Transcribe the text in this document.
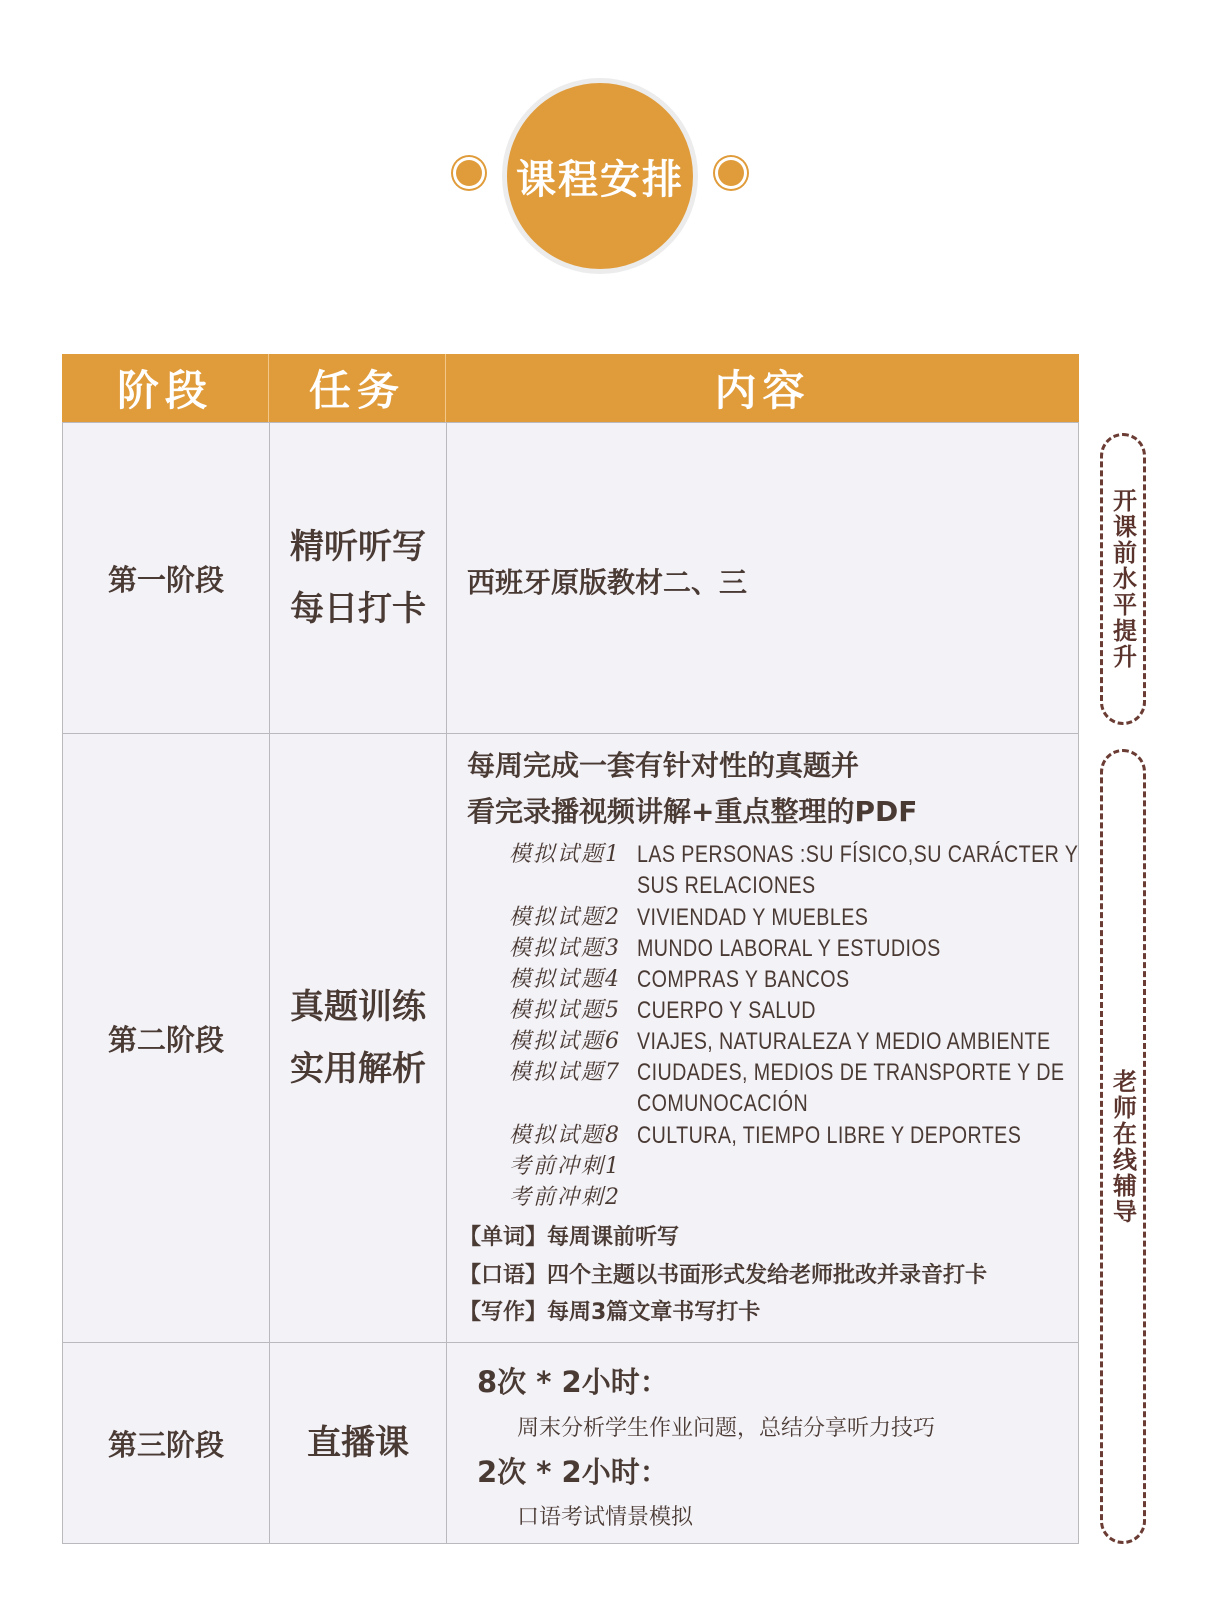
课程安排
阶段	任务	内容
第一阶段
精听听写
每日打卡
西班牙原版教材二、三
第二阶段
真题训练
实用解析
每周完成一套有针对性的真题并
看完录播视频讲解+重点整理的PDF
模拟试题1 LAS PERSONAS :SU FÍSICO,SU CARÁCTER Y
SUS RELACIONES
模拟试题2 VIVIENDAD Y MUEBLES
模拟试题3 MUNDO LABORAL Y ESTUDIOS
模拟试题4 COMPRAS Y BANCOS
模拟试题5 CUERPO Y SALUD
模拟试题6 VIAJES, NATURALEZA Y MEDIO AMBIENTE
模拟试题7 CIUDADES, MEDIOS DE TRANSPORTE Y DE
COMUNOCACIÓN
模拟试题8 CULTURA, TIEMPO LIBRE Y DEPORTES
考前冲刺1
考前冲刺2
【单词】每周课前听写
【口语】四个主题以书面形式发给老师批改并录音打卡
【写作】每周3篇文章书写打卡
第三阶段 直播课
8次 * 2小时：
周末分析学生作业问题，总结分享听力技巧
2次 * 2小时：
口语考试情景模拟
开课前水平提升
老师在线辅导
